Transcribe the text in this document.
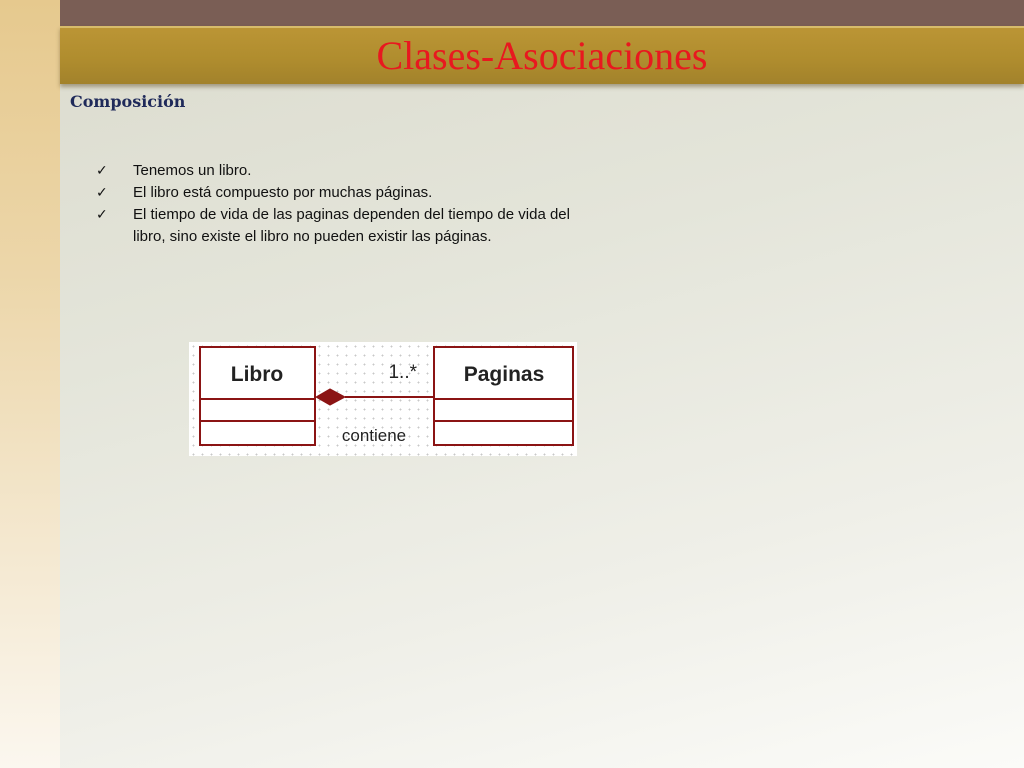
Clases-Asociaciones
Composición
✓ Tenemos un libro.
✓ El libro está compuesto por muchas páginas.
✓ El tiempo de vida de las paginas dependen del tiempo de vida del libro, sino existe el libro no pueden existir las páginas.
Libro	Paginas
1..*
contiene
